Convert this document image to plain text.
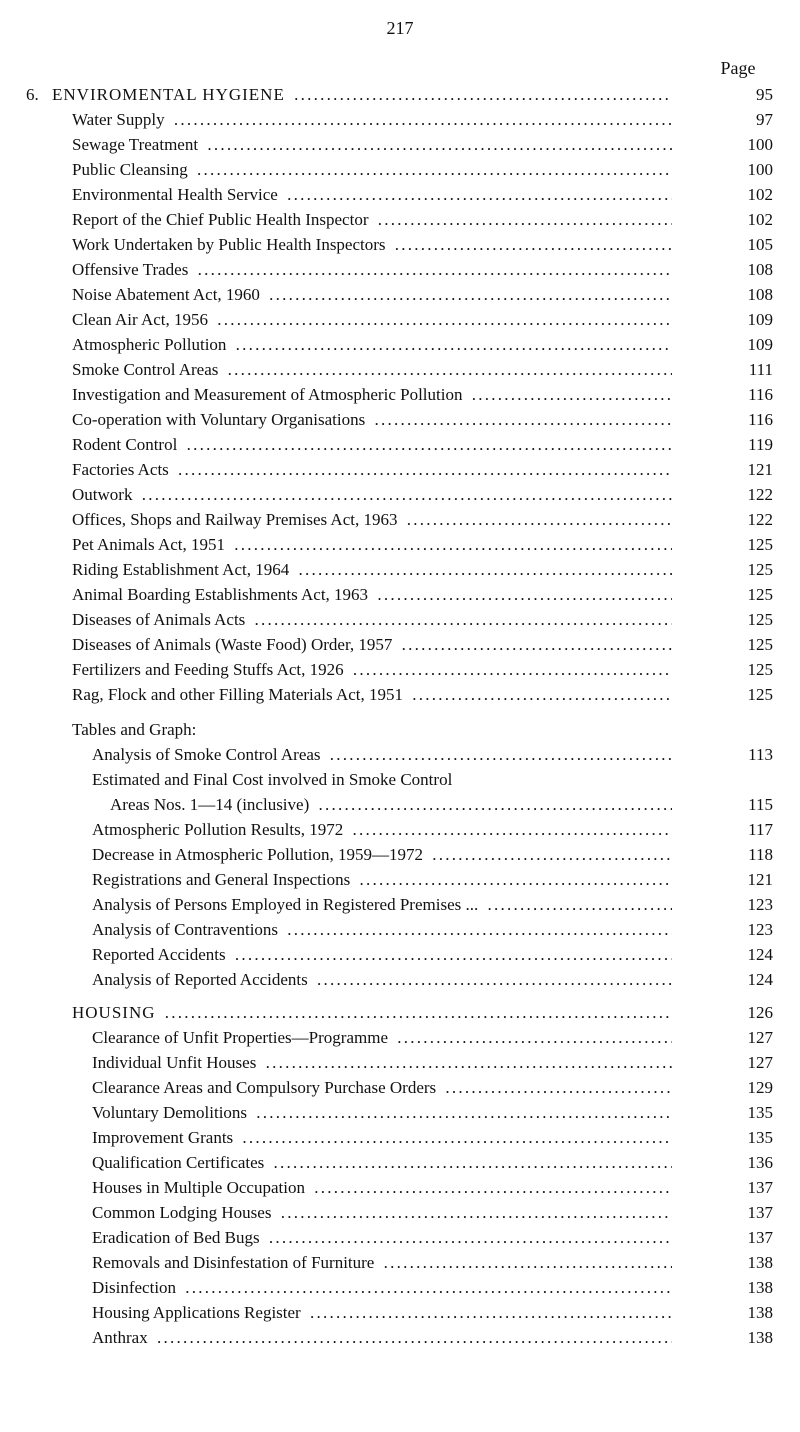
217
Page
6. ENVIROMENTAL HYGIENE . . .	95
Water Supply . . .	97
Sewage Treatment . . .	100
Public Cleansing . . .	100
Environmental Health Service . . .	102
Report of the Chief Public Health Inspector . . .	102
Work Undertaken by Public Health Inspectors . . .	105
Offensive Trades . . .	108
Noise Abatement Act, 1960 . . .	108
Clean Air Act, 1956 . . .	109
Atmospheric Pollution . . .	109
Smoke Control Areas . . .	111
Investigation and Measurement of Atmospheric Pollution . . .	116
Co-operation with Voluntary Organisations . . .	116
Rodent Control . . .	119
Factories Acts . . .	121
Outwork . . .	122
Offices, Shops and Railway Premises Act, 1963 . . .	122
Pet Animals Act, 1951 . . .	125
Riding Establishment Act, 1964 . . .	125
Animal Boarding Establishments Act, 1963 . . .	125
Diseases of Animals Acts . . .	125
Diseases of Animals (Waste Food) Order, 1957 . . .	125
Fertilizers and Feeding Stuffs Act, 1926 . . .	125
Rag, Flock and other Filling Materials Act, 1951 . . .	125
Tables and Graph:
Analysis of Smoke Control Areas . . .	113
Estimated and Final Cost involved in Smoke Control
Areas Nos. 1—14 (inclusive) . . .	115
Atmospheric Pollution Results, 1972 . . .	117
Decrease in Atmospheric Pollution, 1959—1972 . . .	118
Registrations and General Inspections . . .	121
Analysis of Persons Employed in Registered Premises ... . . .	123
Analysis of Contraventions . . .	123
Reported Accidents . . .	124
Analysis of Reported Accidents . . .	124
HOUSING . . .	126
Clearance of Unfit Properties—Programme . . .	127
Individual Unfit Houses . . .	127
Clearance Areas and Compulsory Purchase Orders . . .	129
Voluntary Demolitions . . .	135
Improvement Grants . . .	135
Qualification Certificates . . .	136
Houses in Multiple Occupation . . .	137
Common Lodging Houses . . .	137
Eradication of Bed Bugs . . .	137
Removals and Disinfestation of Furniture . . .	138
Disinfection . . .	138
Housing Applications Register . . .	138
Anthrax . . .	138
